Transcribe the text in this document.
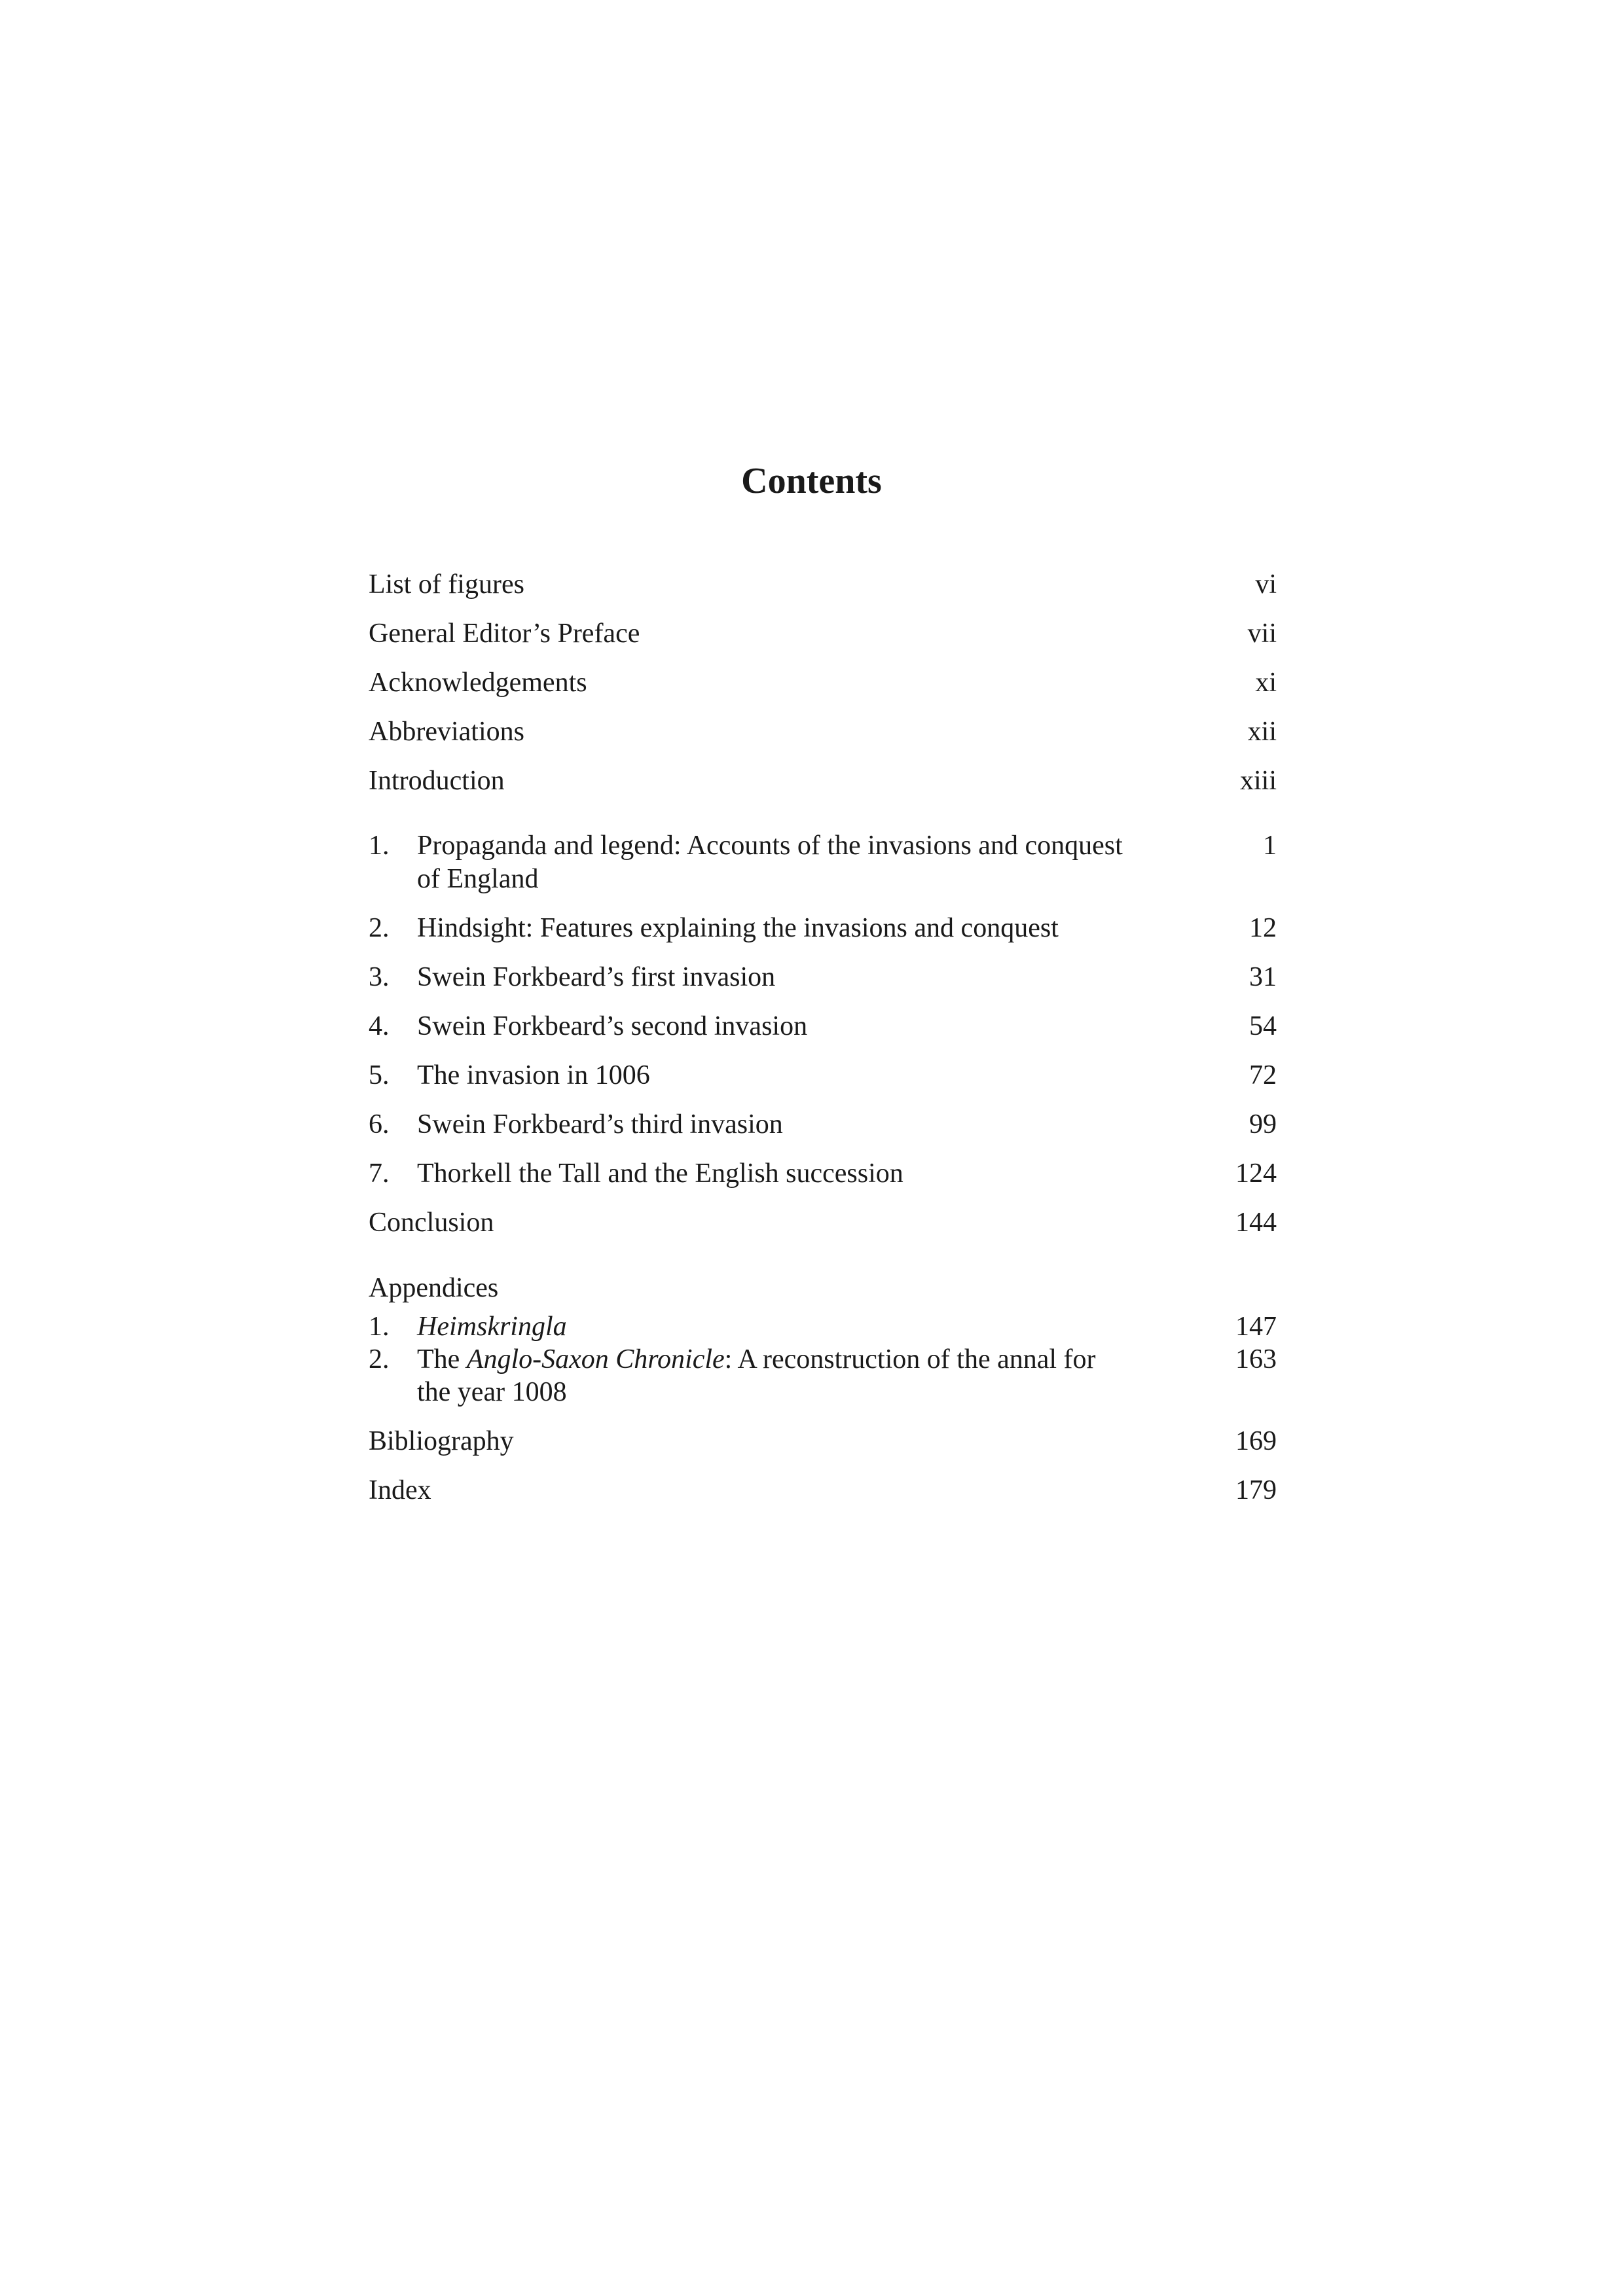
Contents
List of figures	vi
General Editor’s Preface	vii
Acknowledgements	xi
Abbreviations	xii
Introduction	xiii
1.	Propaganda and legend: Accounts of the invasions and conquest	1
of England
2.	Hindsight: Features explaining the invasions and conquest	12
3.	Swein Forkbeard’s first invasion	31
4.	Swein Forkbeard’s second invasion	54
5.	The invasion in 1006	72
6.	Swein Forkbeard’s third invasion	99
7.	Thorkell the Tall and the English succession	124
Conclusion	144
Appendices
1.	Heimskringla	147
2.	The Anglo-Saxon Chronicle: A reconstruction of the annal for	163
the year 1008
Bibliography	169
Index	179
